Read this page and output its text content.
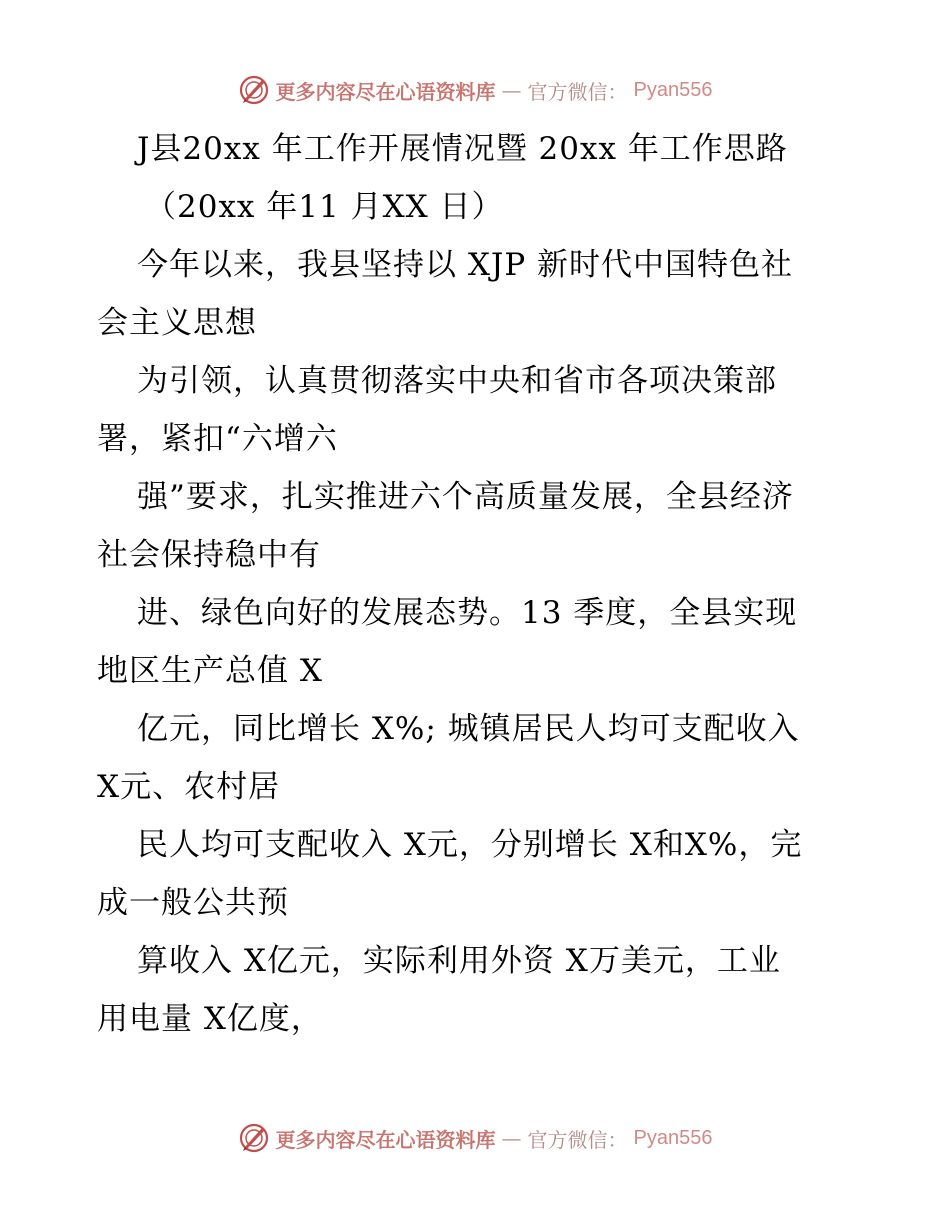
更多内容尽在心语资料库 — 官方微信： Pyan556
J县20xx 年工作开展情况暨 20xx 年工作思路
（20xx 年11 月XX 日）
今年以来，我县坚持以 XJP 新时代中国特色社
会主义思想
为引领，认真贯彻落实中央和省市各项决策部
署，紧扣“六增六
强”要求，扎实推进六个高质量发展，全县经济
社会保持稳中有
进、绿色向好的发展态势。13 季度，全县实现
地区生产总值 X
亿元，同比增长 X%; 城镇居民人均可支配收入
X元、农村居
民人均可支配收入 X元，分别增长 X和X%，完
成一般公共预
算收入 X亿元，实际利用外资 X万美元，工业
用电量 X亿度，
更多内容尽在心语资料库 — 官方微信： Pyan556
